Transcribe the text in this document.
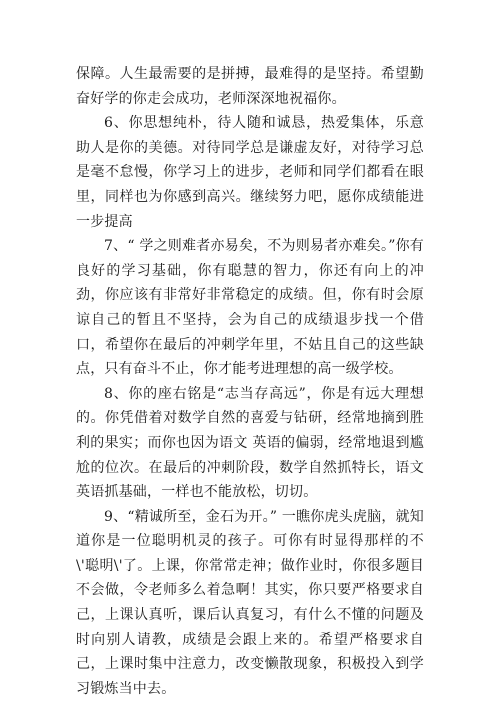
保障。人生最需要的是拼搏，最难得的是坚持。希望勤奋好学的你走会成功，老师深深地祝福你。

6、你思想纯朴，待人随和诚恳，热爱集体，乐意助人是你的美德。对待同学总是谦虚友好，对待学习总是毫不怠慢，你学习上的进步，老师和同学们都看在眼里，同样也为你感到高兴。继续努力吧，愿你成绩能进一步提高

7、“ 学之则难者亦易矣，不为则易者亦难矣。”你有良好的学习基础，你有聪慧的智力，你还有向上的冲劲，你应该有非常好非常稳定的成绩。但，你有时会原谅自己的暂且不坚持，会为自己的成绩退步找一个借口，希望你在最后的冲刺学年里，不姑且自己的这些缺点，只有奋斗不止，你才能考进理想的高一级学校。

8、你的座右铭是“志当存高远”，你是有远大理想的。你凭借着对数学自然的喜爱与钻研，经常地摘到胜利的果实；而你也因为语文 英语的偏弱，经常地退到尴尬的位次。在最后的冲刺阶段，数学自然抓特长，语文 英语抓基础，一样也不能放松，切切。

9、“精诚所至，金石为开。” 一瞧你虎头虎脑，就知道你是一位聪明机灵的孩子。可你有时显得那样的不\'聪明\'了。上课，你常常走神；做作业时，你很多题目不会做，令老师多么着急啊！其实，你只要严格要求自己，上课认真听，课后认真复习，有什么不懂的问题及时向别人请教，成绩是会跟上来的。希望严格要求自己，上课时集中注意力，改变懒散现象，积极投入到学习锻炼当中去。
